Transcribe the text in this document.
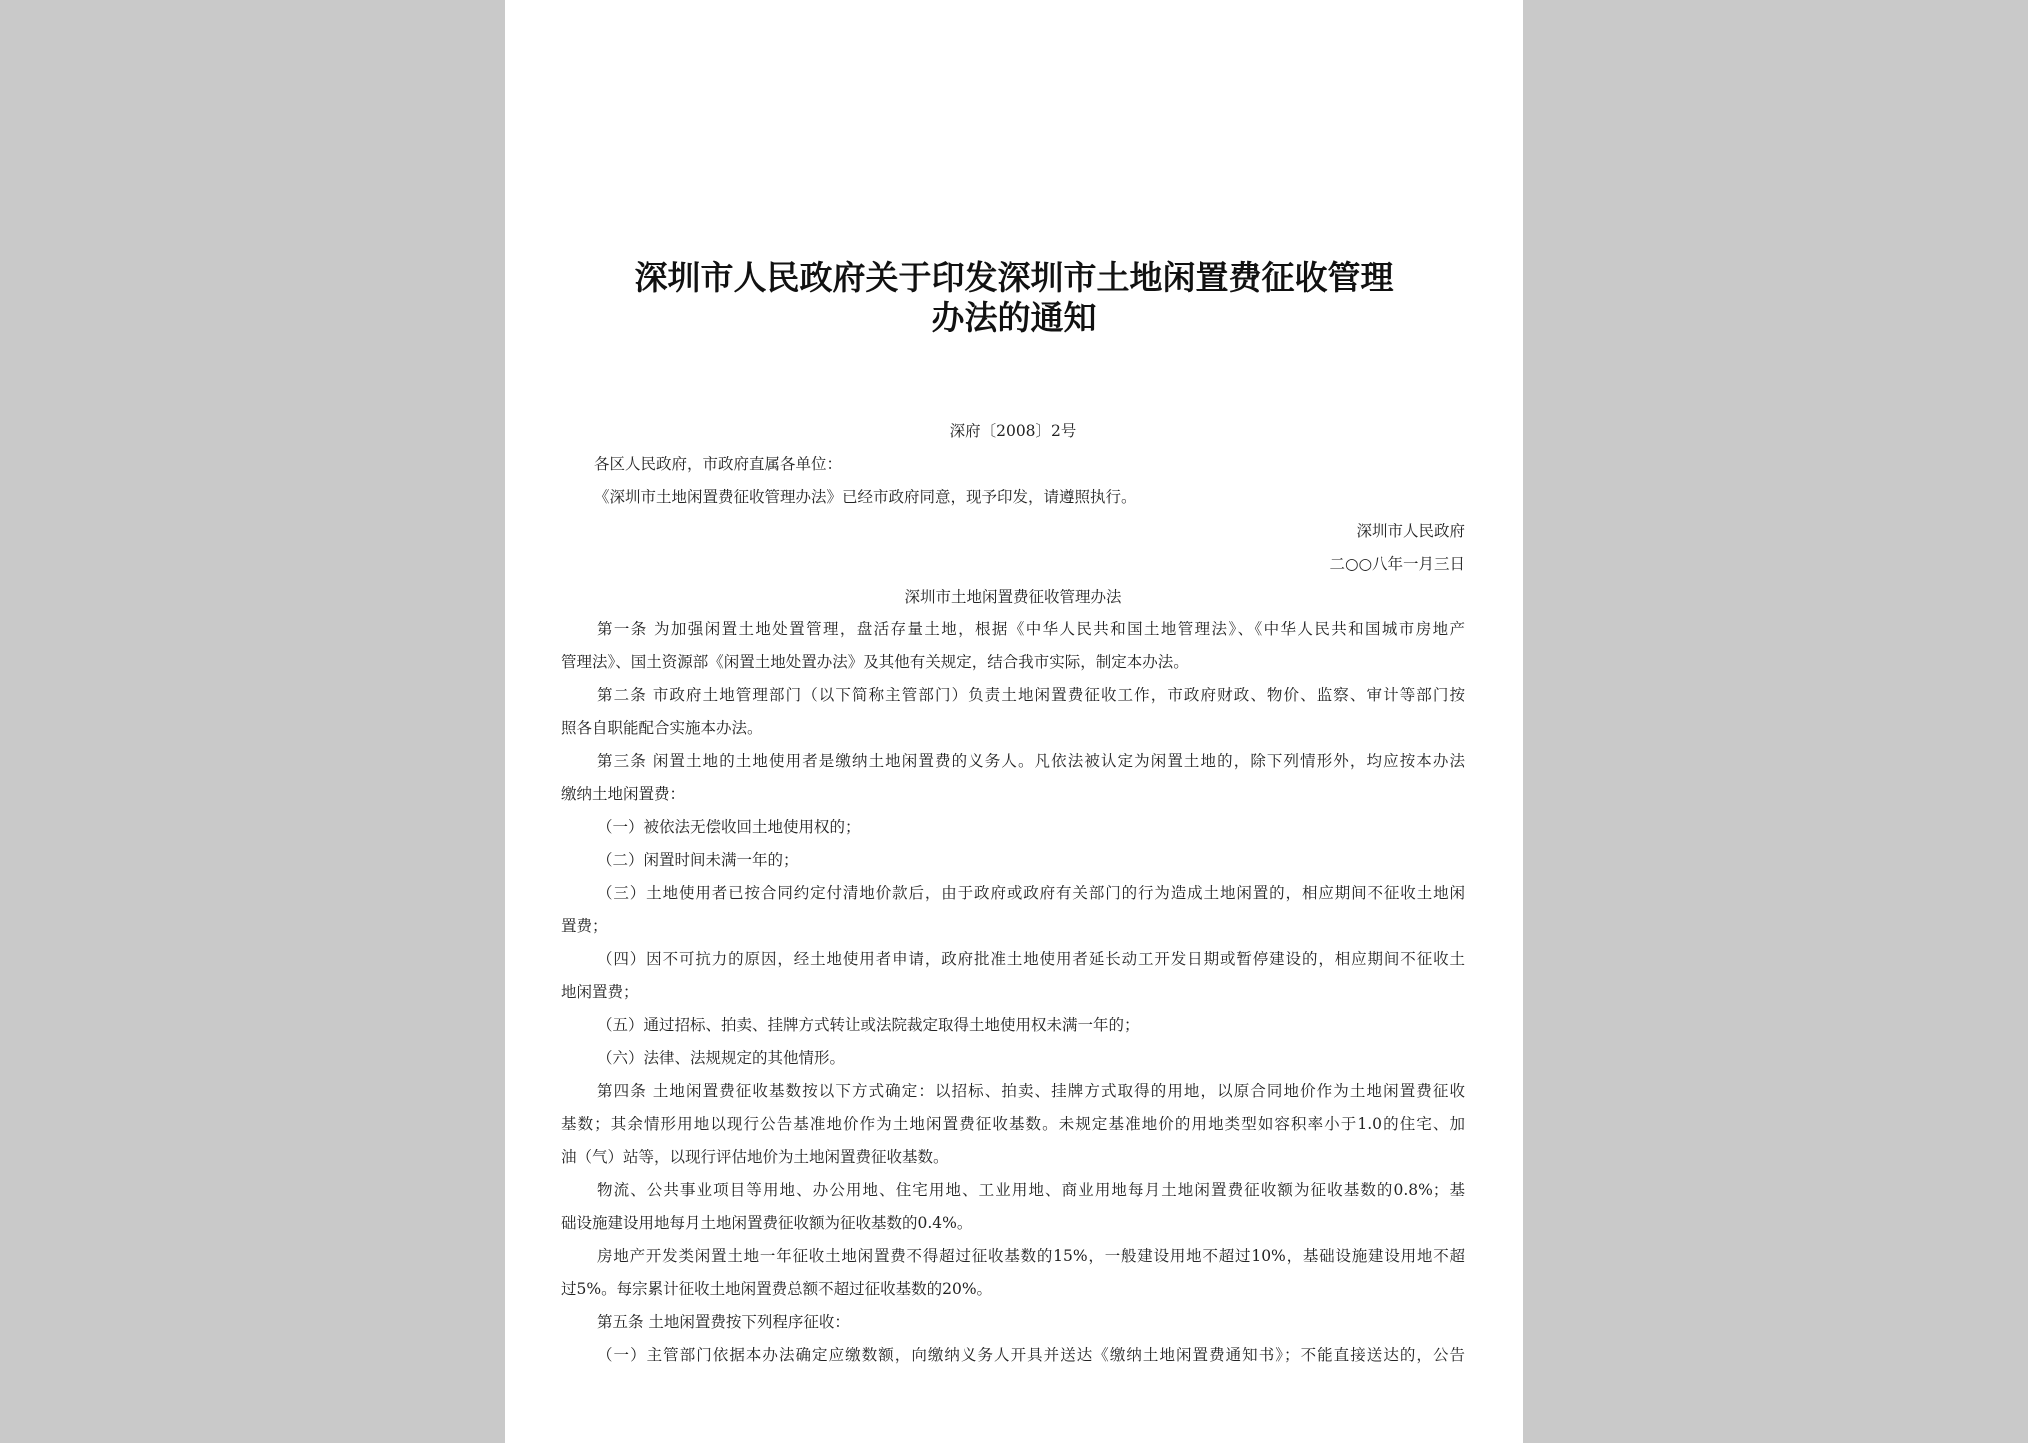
深圳市人民政府关于印发深圳市土地闲置费征收管理
办法的通知
深府〔2008〕2号
各区人民政府，市政府直属各单位：
《深圳市土地闲置费征收管理办法》已经市政府同意，现予印发，请遵照执行。
深圳市人民政府
二○○八年一月三日
深圳市土地闲置费征收管理办法
第一条 为加强闲置土地处置管理，盘活存量土地，根据《中华人民共和国土地管理法》、《中华人民共和国城市房地产
管理法》、国土资源部《闲置土地处置办法》及其他有关规定，结合我市实际，制定本办法。
第二条 市政府土地管理部门（以下简称主管部门）负责土地闲置费征收工作，市政府财政、物价、监察、审计等部门按
照各自职能配合实施本办法。
第三条 闲置土地的土地使用者是缴纳土地闲置费的义务人。凡依法被认定为闲置土地的，除下列情形外，均应按本办法
缴纳土地闲置费：
（一）被依法无偿收回土地使用权的；
（二）闲置时间未满一年的；
（三）土地使用者已按合同约定付清地价款后，由于政府或政府有关部门的行为造成土地闲置的，相应期间不征收土地闲
置费；
（四）因不可抗力的原因，经土地使用者申请，政府批准土地使用者延长动工开发日期或暂停建设的，相应期间不征收土
地闲置费；
（五）通过招标、拍卖、挂牌方式转让或法院裁定取得土地使用权未满一年的；
（六）法律、法规规定的其他情形。
第四条 土地闲置费征收基数按以下方式确定：以招标、拍卖、挂牌方式取得的用地，以原合同地价作为土地闲置费征收
基数；其余情形用地以现行公告基准地价作为土地闲置费征收基数。未规定基准地价的用地类型如容积率小于1.0的住宅、加
油（气）站等，以现行评估地价为土地闲置费征收基数。
物流、公共事业项目等用地、办公用地、住宅用地、工业用地、商业用地每月土地闲置费征收额为征收基数的0.8%；基
础设施建设用地每月土地闲置费征收额为征收基数的0.4%。
房地产开发类闲置土地一年征收土地闲置费不得超过征收基数的15%，一般建设用地不超过10%，基础设施建设用地不超
过5%。每宗累计征收土地闲置费总额不超过征收基数的20%。
第五条 土地闲置费按下列程序征收：
（一）主管部门依据本办法确定应缴数额，向缴纳义务人开具并送达《缴纳土地闲置费通知书》；不能直接送达的，公告
